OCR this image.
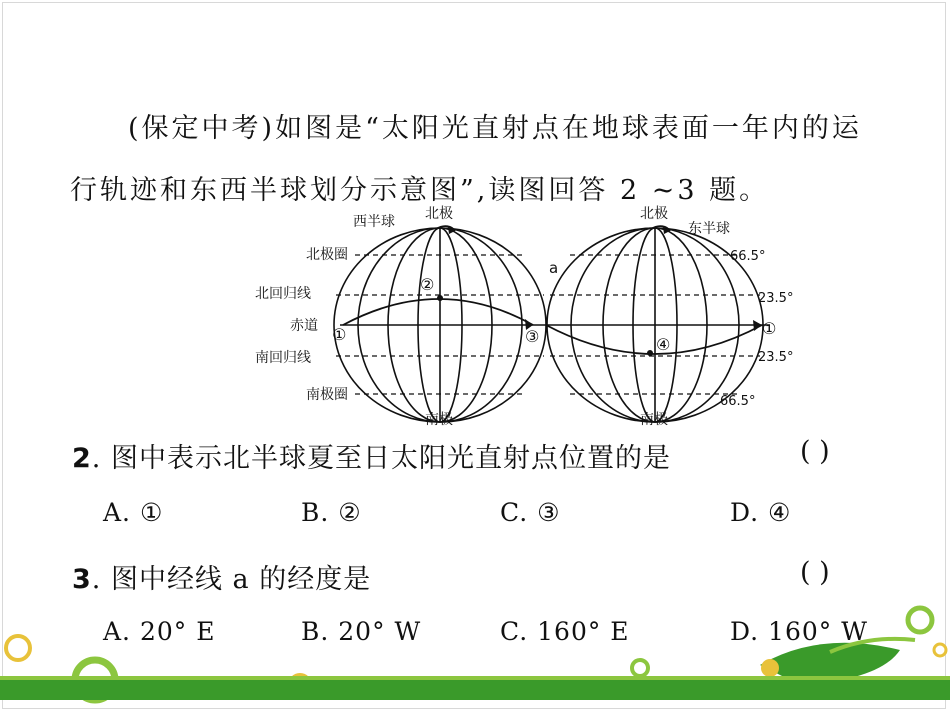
(保定中考)如图是“太阳光直射点在地球表面一年内的运
行轨迹和东西半球划分示意图”,读图回答 2 ~3 题。
西半球 北极	北极
东半球
北极圈
北回归线
赤道
南回归线
南极圈
南极	南极
a
66.5°
23.5°
23.5°
66.5°
①
②
③	④
①
2. 图中表示北半球夏至日太阳光直射点位置的是	( )
A. ①	B. ②	C. ③	D. ④
3. 图中经线 a 的经度是	( )
A. 20° E	B. 20° W	C. 160° E	D. 160° W
